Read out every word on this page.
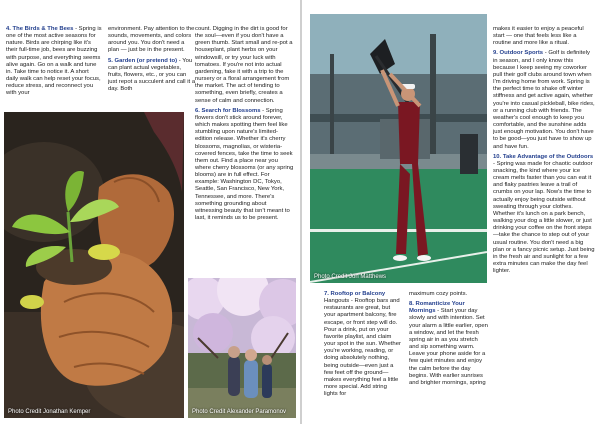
4. The Birds & The Bees - Spring is one of the most active seasons for nature. Birds are chirping like it's their full-time job, bees are buzzing with purpose, and everything seems alive again. Go on a walk and tune in. Take time to notice it. A short daily walk can help reset your focus, reduce stress, and reconnect you with your

environment. Pay attention to the sounds, movements, and colors around you. You don't need a plan — just be in the present.

5. Garden (or pretend to) - You can plant actual vegetables, fruits, flowers, etc., or you can just repot a succulent and call it a day. Both

count. Digging in the dirt is good for the soul—even if you don't have a green thumb. Start small and re-pot a houseplant, plant herbs on your windowsill, or try your luck with tomatoes. If you're not into actual gardening, fake it with a trip to the nursery or a floral arrangement from the market. The act of tending to something, even briefly, creates a sense of calm and connection.

6. Search for Blossoms - Spring flowers don't stick around forever, which makes spotting them feel like stumbling upon nature's limited-edition release. Whether it's cherry blossoms, magnolias, or wisteria-covered fences, take the time to seek them out. Find a place near you where cherry blossoms (or any spring blooms) are in full effect. For example: Washington DC, Tokyo, Seattle, San Francisco, New York, Tennessee, and more. There's something grounding about witnessing beauty that isn't meant to last, it reminds us to be present.

Photo Credit Jonathan Kemper	Photo Credit Alexander Paramonov
Photo Credit Jon Matthews

7. Rooftop or Balcony Hangouts - Rooftop bars and restaurants are great, but your apartment balcony, fire escape, or front step will do. Pour a drink, put on your favorite playlist, and claim your spot in the sun. Whether you're working, reading, or doing absolutely nothing, being outside—even just a few feet off the ground—makes everything feel a little more special. Add string lights for

maximum cozy points.

8. Romanticize Your Mornings - Start your day slowly and with intention. Set your alarm a little earlier, open a window, and let the fresh spring air in as you stretch and sip something warm. Leave your phone aside for a few quiet minutes and enjoy the calm before the day begins. With earlier sunrises and brighter mornings, spring

makes it easier to enjoy a peaceful start — one that feels less like a routine and more like a ritual.

9. Outdoor Sports - Golf is definitely in season, and I only know this because I keep seeing my coworker pull their golf clubs around town when I'm driving home from work. Spring is the perfect time to shake off winter stiffness and get active again, whether you're into casual pickleball, bike rides, or a running club with friends. The weather's cool enough to keep you comfortable, and the sunshine adds just enough motivation. You don't have to be good—you just have to show up and have fun.

10. Take Advantage of the Outdoors - Spring was made for chaotic outdoor snacking, the kind where your ice cream melts faster than you can eat it and flaky pastries leave a trail of crumbs on your lap. Now's the time to actually enjoy being outside without sweating through your clothes. Whether it's lunch on a park bench, walking your dog a little slower, or just drinking your coffee on the front steps—take the chance to step out of your usual routine. You don't need a big plan or a fancy picnic setup. Just being in the fresh air and sunlight for a few extra minutes can make the day feel lighter.
